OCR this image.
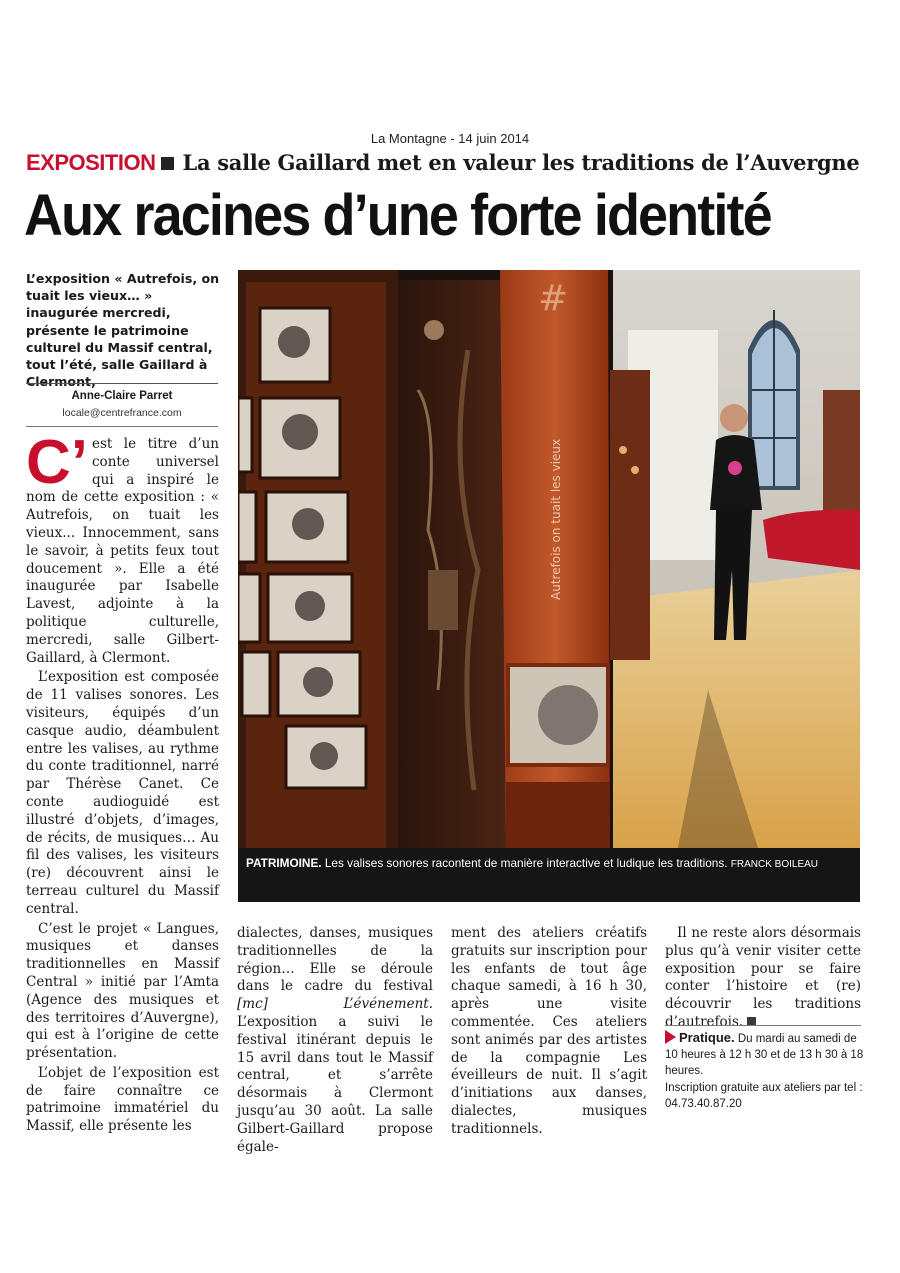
La Montagne - 14 juin 2014
EXPOSITION La salle Gaillard met en valeur les traditions de l’Auvergne
Aux racines d’une forte identité
L’exposition « Autrefois, on tuait les vieux… » inaugurée mercredi, présente le patrimoine culturel du Massif central, tout l’été, salle Gaillard à Clermont,
Anne-Claire Parret
locale@centrefrance.com
C’ est le titre d’un conte universel qui a inspiré le nom de cette exposition : « Autrefois, on tuait les vieux... Innocemment, sans le savoir, à petits feux tout doucement ». Elle a été inaugurée par Isabelle Lavest, adjointe à la politique culturelle, mercredi, salle Gilbert-Gaillard, à Clermont.

L’exposition est composée de 11 valises sonores. Les visiteurs, équipés d’un casque audio, déambulent entre les valises, au rythme du conte traditionnel, narré par Thérèse Canet. Ce conte audioguidé est illustré d’objets, d’images, de récits, de musiques… Au fil des valises, les visiteurs (re) découvrent ainsi le terreau culturel du Massif central.

C’est le projet « Langues, musiques et danses traditionnelles en Massif Central » initié par l’Amta (Agence des musiques et des territoires d’Auvergne), qui est à l’origine de cette présentation.

L’objet de l’exposition est de faire connaître ce patrimoine immatériel du Massif, elle présente les

#
Autrefois on tuait les vieux
PATRIMOINE. Les valises sonores racontent de manière interactive et ludique les traditions. FRANCK BOILEAU

dialectes, danses, musiques traditionnelles de la région… Elle se déroule dans le cadre du festival [mc] L’événement. L’exposition a suivi le festival itinérant depuis le 15 avril dans tout le Massif central, et s’arrête désormais à Clermont jusqu’au 30 août. La salle Gilbert-Gaillard propose égale-

ment des ateliers créatifs gratuits sur inscription pour les enfants de tout âge chaque samedi, à 16 h 30, après une visite commentée. Ces ateliers sont animés par des artistes de la compagnie Les éveilleurs de nuit. Il s’agit d’initiations aux danses, dialectes, musiques traditionnels.

Il ne reste alors désormais plus qu’à venir visiter cette exposition pour se faire conter l’histoire et (re) découvrir les traditions d’autrefois.

Pratique. Du mardi au samedi de 10 heures à 12 h 30 et de 13 h 30 à 18 heures.
Inscription gratuite aux ateliers par tel : 04.73.40.87.20
